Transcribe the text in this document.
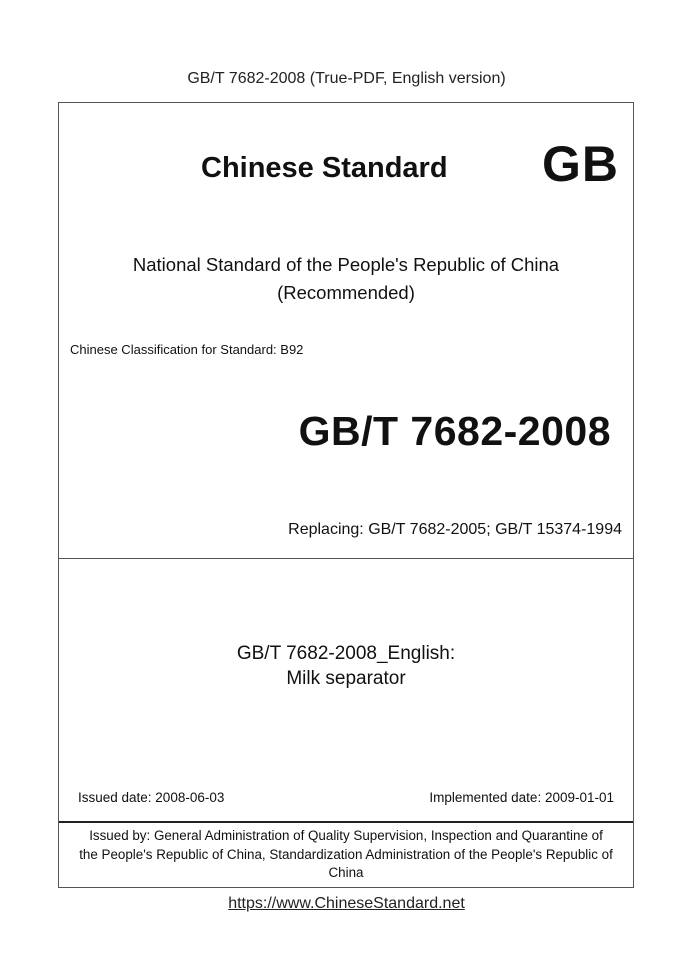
GB/T 7682-2008 (True-PDF, English version)
Chinese Standard GB
National Standard of the People's Republic of China
(Recommended)
Chinese Classification for Standard: B92
GB/T 7682-2008
Replacing: GB/T 7682-2005; GB/T 15374-1994
GB/T 7682-2008_English:
Milk separator
Issued date: 2008-06-03	Implemented date: 2009-01-01
Issued by: General Administration of Quality Supervision, Inspection and Quarantine of
the People's Republic of China, Standardization Administration of the People's Republic of
China
https://www.ChineseStandard.net
